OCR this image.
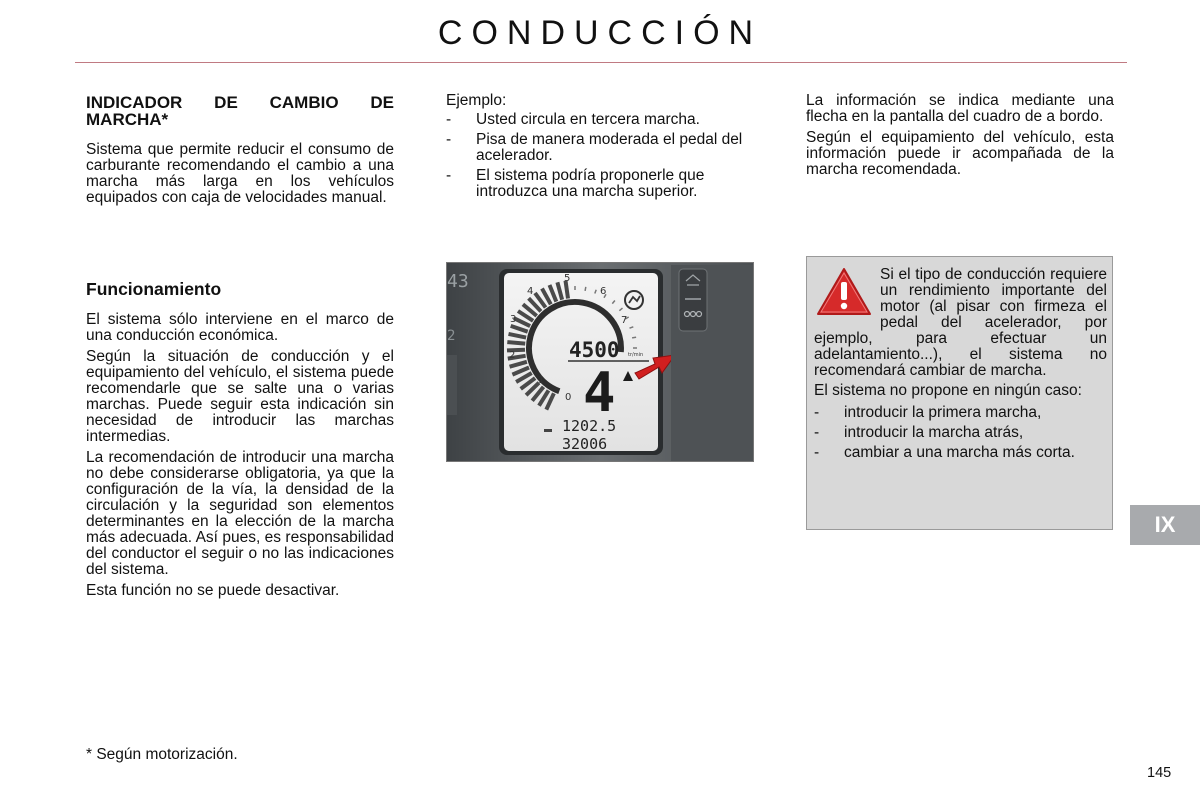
CONDUCCIÓN
INDICADOR DE CAMBIO DE MARCHA*

Sistema que permite reducir el consumo de carburante recomendando el cambio a una marcha más larga en los vehículos equipados con caja de velocidades manual.

Funcionamiento

El sistema sólo interviene en el marco de una conducción económica.

Según la situación de conducción y el equipamiento del vehículo, el sistema puede recomendarle que se salte una o varias marchas. Puede seguir esta indicación sin necesidad de introducir las marchas intermedias.

La recomendación de introducir una marcha no debe considerarse obligatoria, ya que la configuración de la vía, la densidad de la circulación y la seguridad son elementos determinantes en la elección de la marcha más adecuada. Así pues, es responsabilidad del conductor el seguir o no las indicaciones del sistema.

Esta función no se puede desactivar.

Ejemplo:

- Usted circula en tercera marcha.
- Pisa de manera moderada el pedal del acelerador.
- El sistema podría proponerle que introduzca una marcha superior.
43
2
0
1
2
3
4
5
6
7
4500 tr/min
4
1202.5
32006

La información se indica mediante una flecha en la pantalla del cuadro de a bordo.

Según el equipamiento del vehículo, esta información puede ir acompañada de la marcha recomendada.

Si el tipo de conducción requiere un rendimiento importante del motor (al pisar con firmeza el pedal del acelerador, por ejemplo, para efectuar un adelantamiento...), el sistema no recomendará cambiar de marcha.

El sistema no propone en ningún caso:

- introducir la primera marcha,
- introducir la marcha atrás,
- cambiar a una marcha más corta.
IX
* Según motorización.
145
